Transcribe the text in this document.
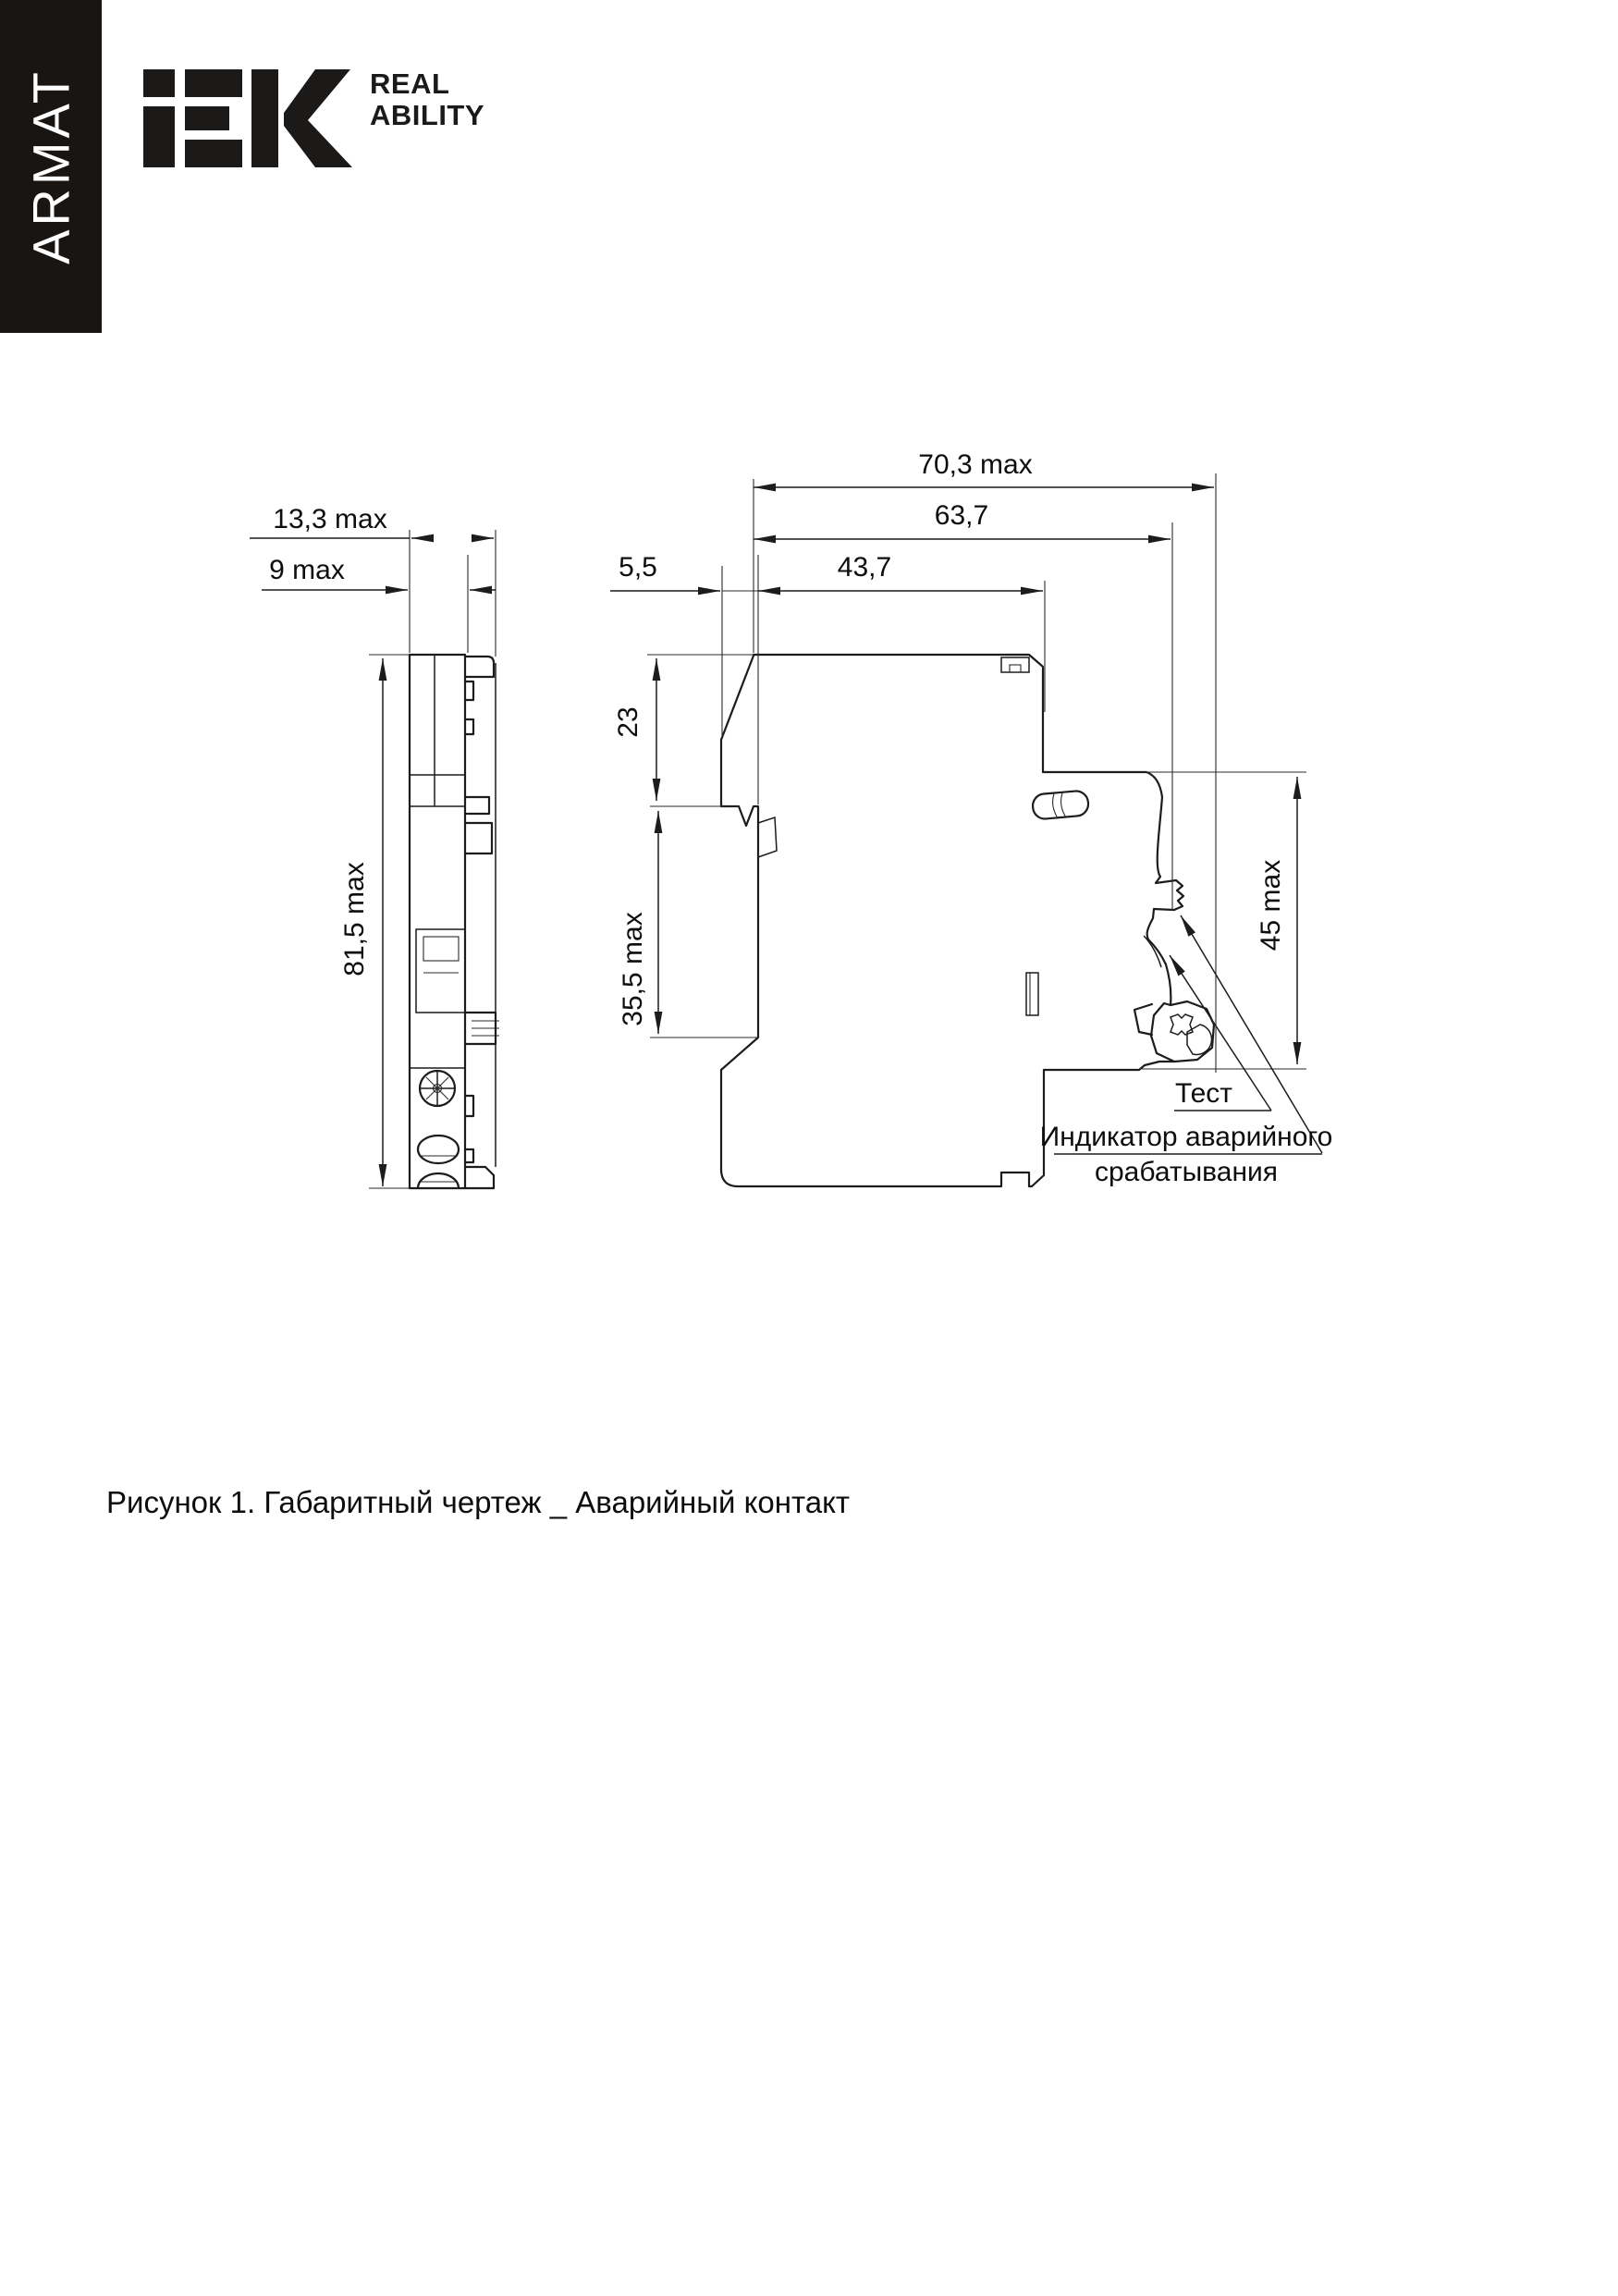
ARMAT	REAL
ABILITY
13,3 max
9 max
81,5 max
70,3 max
63,7
43,7
5,5
23
35,5 max
45 max
Тест
Индикатор аварийного
срабатывания
Рисунок 1. Габаритный чертеж _ Аварийный контакт
